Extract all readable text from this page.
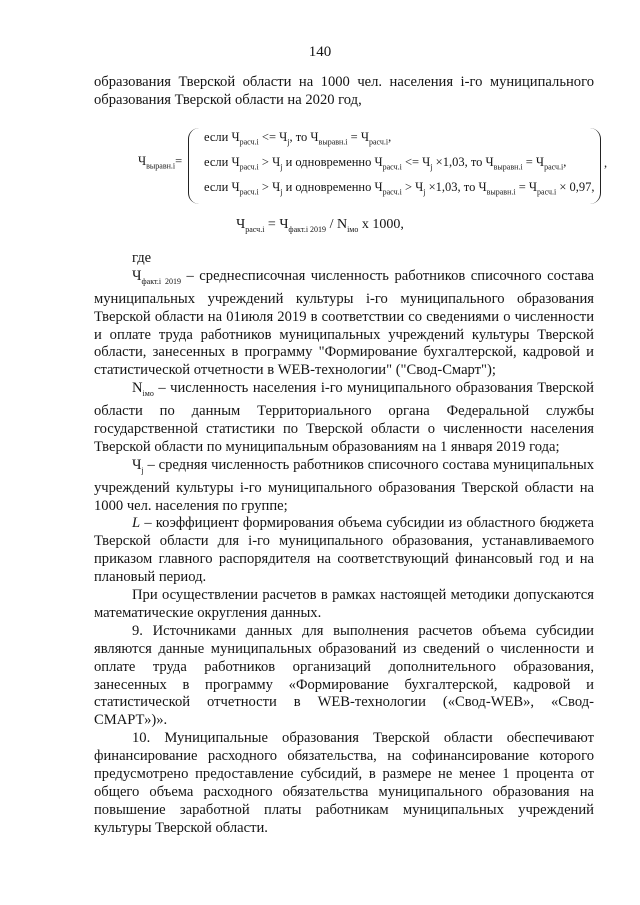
140

образования Тверской области на 1000 чел. населения i-го муниципального образования Тверской области на 2020 год,

$Ч_{выравн.i}=$
если $Ч_{расч.i} <= Ч_j$, то $Ч_{выравн.i} = Ч_{расч.i}$,
если $Ч_{расч.i} > Ч_j$ и одновременно $Ч_{расч.i} <= Ч_j \times 1,03$, то $Ч_{выравн.i} = Ч_{расч.i}$,
если $Ч_{расч.i} > Ч_j$ и одновременно $Ч_{расч.i} > Ч_j \times 1,03$, то $Ч_{выравн.i} = Ч_{расч.i} \times 0,97$,
,
$Ч_{расч.i} = Ч_{факт.i 2019} / N_{імо}$ х 1000,

где

$Ч_{факт.i 2019}$ – среднесписочная численность работников списочного состава муниципальных учреждений культуры i-го муниципального образования Тверской области на 01июля 2019 в соответствии со сведениями о численности и оплате труда работников муниципальных учреждений культуры Тверской области, занесенных в программу "Формирование бухгалтерской, кадровой и статистической отчетности в WEB-технологии" ("Свод-Смарт");

$N_{імо}$ – численность населения i-го муниципального образования Тверской области по данным Территориального органа Федеральной службы государственной статистики по Тверской области о численности населения Тверской области по муниципальным образованиям на 1 января 2019 года;

$Ч_j$ – средняя численность работников списочного состава муниципальных учреждений культуры i-го муниципального образования Тверской области на 1000 чел. населения по группе;

L – коэффициент формирования объема субсидии из областного бюджета Тверской области для i-го муниципального образования, устанавливаемого приказом главного распорядителя на соответствующий финансовый год и на плановый период.

При осуществлении расчетов в рамках настоящей методики допускаются математические округления данных.

9. Источниками данных для выполнения расчетов объема субсидии являются данные муниципальных образований из сведений о численности и оплате труда работников организаций дополнительного образования, занесенных в программу «Формирование бухгалтерской, кадровой и статистической отчетности в WEB-технологии («Свод-WEB», «Свод-СМАРТ»)».

10. Муниципальные образования Тверской области обеспечивают финансирование расходного обязательства, на софинансирование которого предусмотрено предоставление субсидий, в размере не менее 1 процента от общего объема расходного обязательства муниципального образования на повышение заработной платы работникам муниципальных учреждений культуры Тверской области.
